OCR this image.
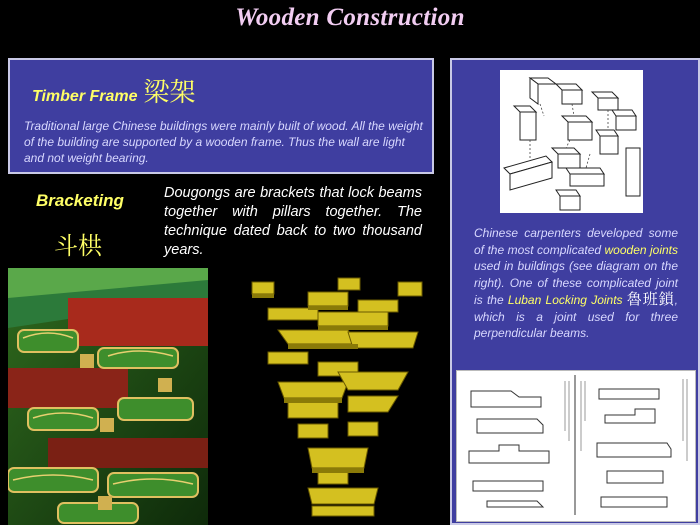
Wooden Construction
Timber Frame 梁架
Traditional large Chinese buildings were mainly built of wood. All the weight of the building are supported by a wooden frame. Thus the wall are light and not weight bearing.
Bracketing
斗栱
Dougongs are brackets that lock beams together with pillars together. The technique dated back to two thousand years.
Chinese carpenters developed some of the most complicated wooden joints used in buildings (see diagram on the right). One of these complicated joint is the Luban Locking Joints 魯班鎖, which is a joint used for three perpendicular beams.
